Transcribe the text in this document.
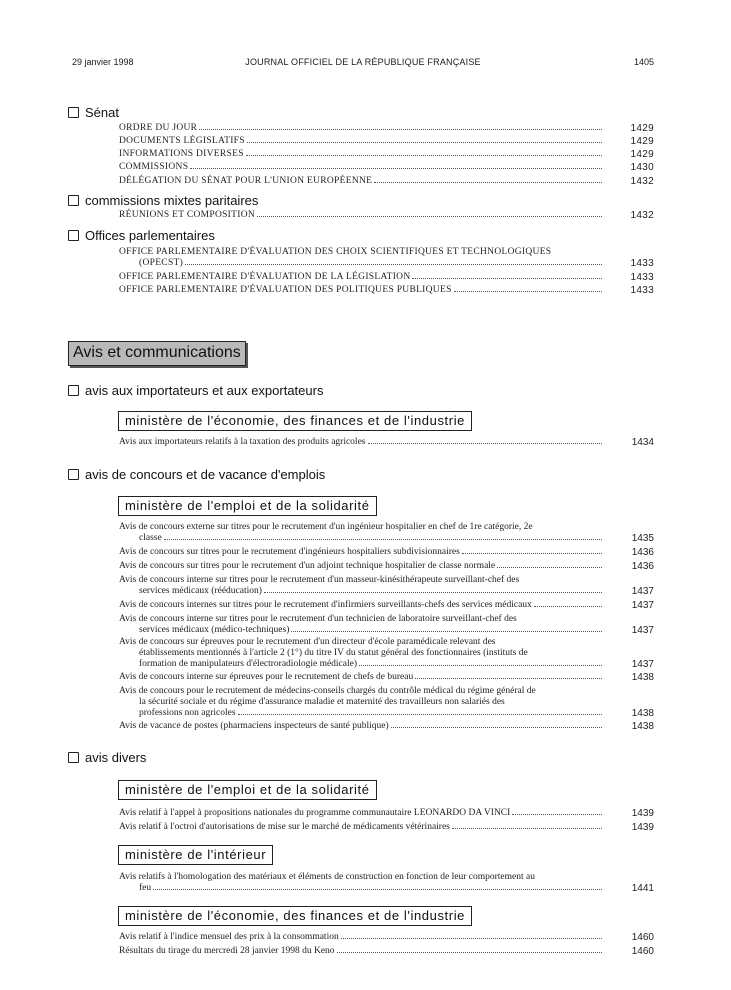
29 janvier 1998	JOURNAL OFFICIEL DE LA RÉPUBLIQUE FRANÇAISE	1405
Sénat
ORDRE DU JOUR	1429
DOCUMENTS LÉGISLATIFS	1429
INFORMATIONS DIVERSES	1429
COMMISSIONS	1430
DÉLÉGATION DU SÉNAT POUR L'UNION EUROPÉENNE	1432
commissions mixtes paritaires
RÉUNIONS ET COMPOSITION	1432
Offices parlementaires
OFFICE PARLEMENTAIRE D'ÉVALUATION DES CHOIX SCIENTIFIQUES ET TECHNOLOGIQUES
(OPECST)	1433
OFFICE PARLEMENTAIRE D'ÉVALUATION DE LA LÉGISLATION	1433
OFFICE PARLEMENTAIRE D'ÉVALUATION DES POLITIQUES PUBLIQUES	1433
Avis et communications
avis aux importateurs et aux exportateurs
ministère de l'économie, des finances et de l'industrie
Avis aux importateurs relatifs à la taxation des produits agricoles	1434
avis de concours et de vacance d'emplois
ministère de l'emploi et de la solidarité
Avis de concours externe sur titres pour le recrutement d'un ingénieur hospitalier en chef de 1re catégorie, 2e
classe	1435
Avis de concours sur titres pour le recrutement d'ingénieurs hospitaliers subdivisionnaires	1436
Avis de concours sur titres pour le recrutement d'un adjoint technique hospitalier de classe normale	1436
Avis de concours interne sur titres pour le recrutement d'un masseur-kinésithérapeute surveillant-chef des
services médicaux (rééducation)	1437
Avis de concours internes sur titres pour le recrutement d'infirmiers surveillants-chefs des services médicaux	1437
Avis de concours interne sur titres pour le recrutement d'un technicien de laboratoire surveillant-chef des
services médicaux (médico-techniques)	1437
Avis de concours sur épreuves pour le recrutement d'un directeur d'école paramédicale relevant des
établissements mentionnés à l'article 2 (1°) du titre IV du statut général des fonctionnaires (instituts de
formation de manipulateurs d'électroradiologie médicale)	1437
Avis de concours interne sur épreuves pour le recrutement de chefs de bureau	1438
Avis de concours pour le recrutement de médecins-conseils chargés du contrôle médical du régime général de
la sécurité sociale et du régime d'assurance maladie et maternité des travailleurs non salariés des
professions non agricoles	1438
Avis de vacance de postes (pharmaciens inspecteurs de santé publique)	1438
avis divers
ministère de l'emploi et de la solidarité
Avis relatif à l'appel à propositions nationales du programme communautaire LEONARDO DA VINCI	1439
Avis relatif à l'octroi d'autorisations de mise sur le marché de médicaments vétérinaires	1439
ministère de l'intérieur
Avis relatifs à l'homologation des matériaux et éléments de construction en fonction de leur comportement au
feu	1441
ministère de l'économie, des finances et de l'industrie
Avis relatif à l'indice mensuel des prix à la consommation	1460
Résultats du tirage du mercredi 28 janvier 1998 du Keno	1460
